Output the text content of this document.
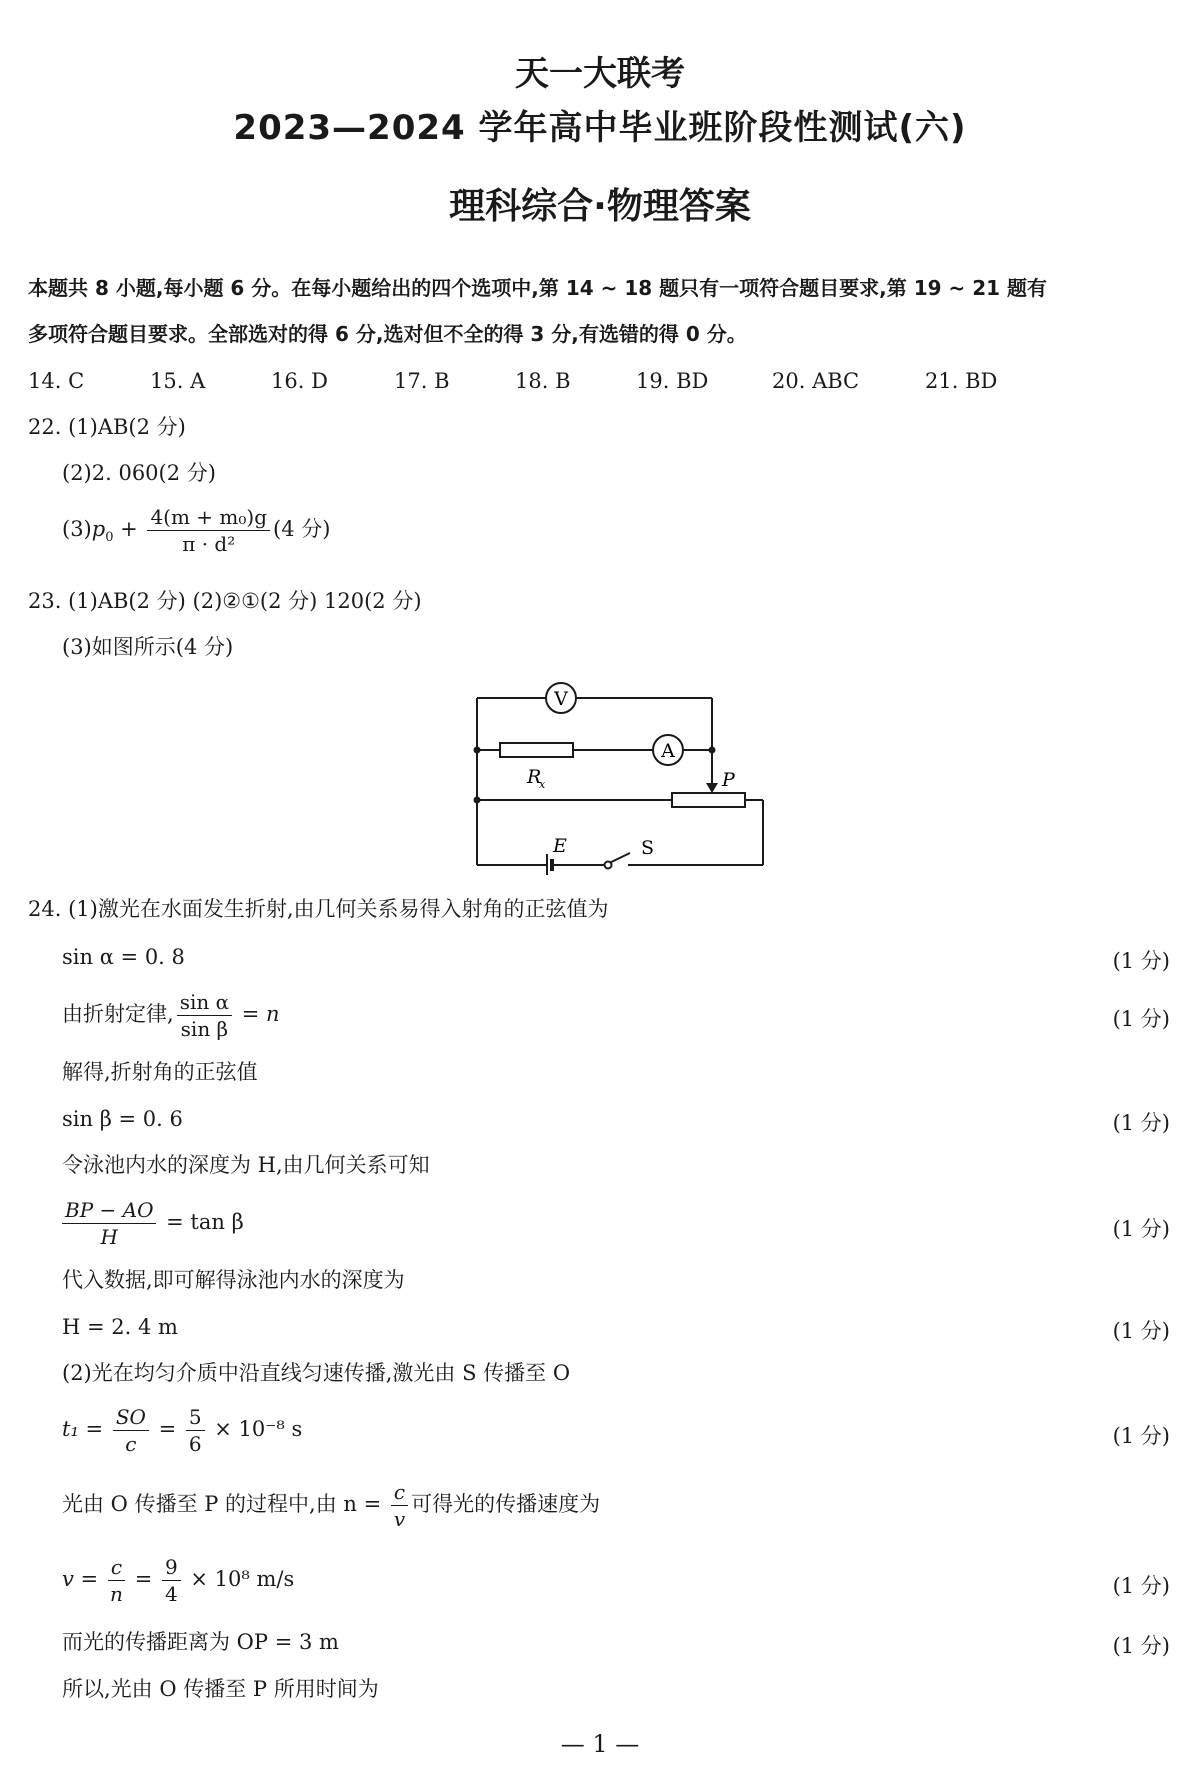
天一大联考
2023—2024 学年高中毕业班阶段性测试(六)
理科综合·物理答案
本题共 8 小题,每小题 6 分。在每小题给出的四个选项中,第 14 ~ 18 题只有一项符合题目要求,第 19 ~ 21 题有
多项符合题目要求。全部选对的得 6 分,选对但不全的得 3 分,有选错的得 0 分。
14. C	15. A	16. D	17. B	18. B	19. BD	20. ABC	21. BD
22. (1)AB(2 分)
(2)2. 060(2 分)
$(3)p_0 + \frac{\text{4(m + m₀)g}}{\text{π · d²}} (4$ 分)
23. (1)AB(2 分) (2)②①(2 分) 120(2 分)
(3)如图所示(4 分)
V
A
R
x	P
E	S
24. (1)激光在水面发生折射,由几何关系易得入射角的正弦值为
sin α = 0. 8	(1 分)
由折射定律, $\frac{\text{sin α}}{\text{sin β}} = n$	(1 分)
解得,折射角的正弦值
sin β = 0. 6	(1 分)
令泳池内水的深度为 H,由几何关系可知
$\frac{BP - AO}{H} = \tan \beta$	(1 分)
代入数据,即可解得泳池内水的深度为
H = 2. 4 m	(1 分)
(2)光在均匀介质中沿直线匀速传播,激光由 S 传播至 O
$t_1 = \frac{SO}{c} = \frac{5}{6} \times 10^{-8}$ s	(1 分)
光由 O 传播至 P 的过程中,由 $n = \frac{c}{v}$ 可得光的传播速度为
$v = \frac{c}{n} = \frac{9}{4} \times 10^8$ m/s	(1 分)
而光的传播距离为 OP = 3 m	(1 分)
所以,光由 O 传播至 P 所用时间为
— 1 —
